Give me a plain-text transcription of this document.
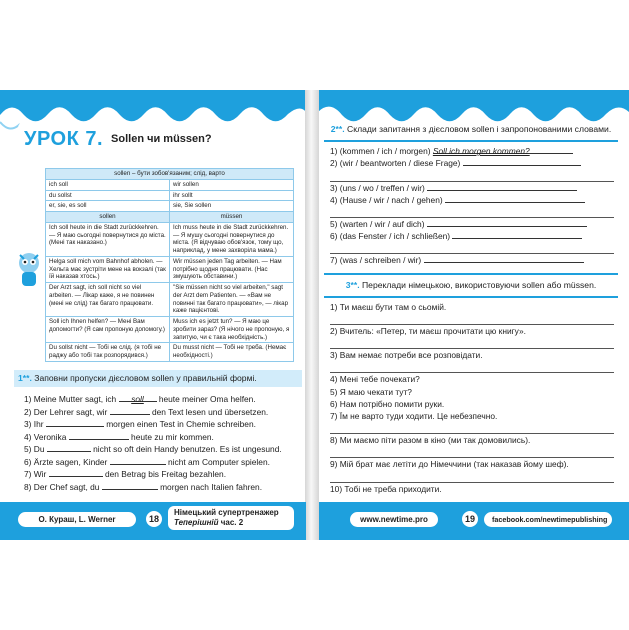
УРОК 7. Sollen чи müssen?
sollen – бути зобов'язаним; слід, варто	
ich soll	wir sollen
du sollst	ihr sollt
er, sie, es soll	sie, Sie sollen
sollen	müssen
Ich soll heute in die Stadt zurückkehren. — Я маю сьогодні повернутися до міста. (Мені так наказано.)	Ich muss heute in die Stadt zurückkehren. — Я мушу сьогодні повернутися до міста. (Я відчуваю обов'язок, тому що, наприклад, у мене захворіла мама.)
Helga soll mich vom Bahnhof abholen. — Хельга має зустріти мене на вокзалі (так їй наказав хтось.)	Wir müssen jeden Tag arbeiten. — Нам потрібно щодня працювати. (Нас змушують обставини.)
Der Arzt sagt, ich soll nicht so viel arbeiten. — Лікар каже, я не повинен (мені не слід) так багато працювати.	"Sie müssen nicht so viel arbeiten," sagt der Arzt dem Patienten. — «Вам не повинні так багато працювати», — лікар каже пацієнтові.
Soll ich Ihnen helfen? — Мені Вам допомогти? (Я сам пропоную допомогу.)	Muss ich es jetzt tun? — Я маю це зробити зараз? (Я нічого не пропоную, я запитую, чи є така необхідність.)
Du sollst nicht — Тобі не слід. (я тобі не раджу або тобі так розпорядився.)	Du musst nicht — Тобі не треба. (Немає необхідності.)
1**. Заповни пропуски дієсловом sollen у правильній формі.
1) Meine Mutter sagt, ich soll heute meiner Oma helfen.
2) Der Lehrer sagt, wir	den Text lesen und übersetzen.
3) Ihr	morgen einen Test in Chemie schreiben.
4) Veronika	heute zu mir kommen.
5) Du	nicht so oft dein Handy benutzen. Es ist ungesund.
6) Ärzte sagen, Kinder	nicht am Computer spielen.
7) Wir	den Betrag bis Freitag bezahlen.
8) Der Chef sagt, du	morgen nach Italien fahren.
2**. Склади запитання з дієсловом sollen і запропонованими словами.
1) (kommen / ich / morgen) Soll ich morgen kommen?
2) (wir / beantworten / diese Frage)
3) (uns / wo / treffen / wir)
4) (Hause / wir / nach / gehen)
5) (warten / wir / auf dich)
6) (das Fenster / ich / schließen)
7) (was / schreiben / wir)
3**. Переклади німецькою, використовуючи sollen або müssen.
1) Ти маєш бути там о сьомій.
2) Вчитель: «Петер, ти маєш прочитати цю книгу».
3) Вам немає потреби все розповідати.
4) Мені тебе почекати?
5) Я маю чекати тут?
6) Нам потрібно помити руки.
7) Їм не варто туди ходити. Це небезпечно.
8) Ми маємо піти разом в кіно (ми так домовились).
9) Мій брат має летіти до Німеччини (так наказав йому шеф).
10) Тобі не треба приходити.
О. Кураш, L. Werner	18
Німецький супертренажер
Теперішній час. 2	www.newtime.pro	19	facebook.com/newtimepublishing
